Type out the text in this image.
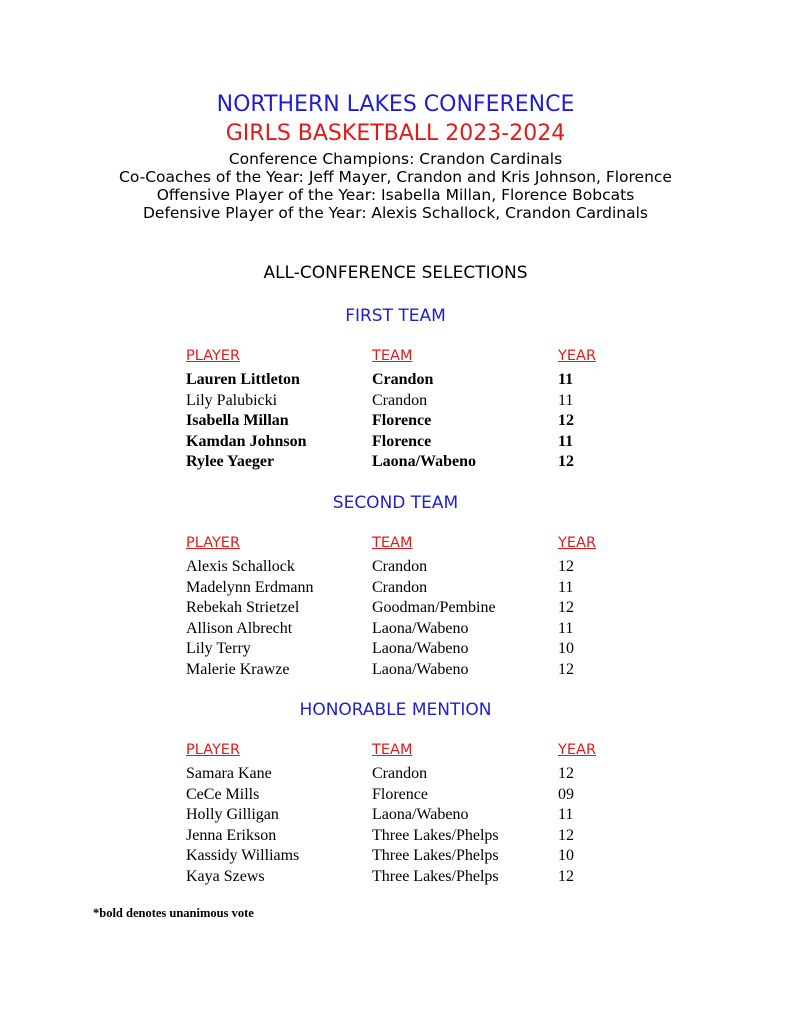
NORTHERN LAKES CONFERENCE
GIRLS BASKETBALL 2023-2024
Conference Champions: Crandon Cardinals
Co-Coaches of the Year: Jeff Mayer, Crandon and Kris Johnson, Florence
Offensive Player of the Year: Isabella Millan, Florence Bobcats
Defensive Player of the Year: Alexis Schallock, Crandon Cardinals
ALL-CONFERENCE SELECTIONS
FIRST TEAM
PLAYER	TEAM	YEAR
Lauren Littleton	Crandon	11
Lily Palubicki	Crandon	11
Isabella Millan	Florence	12
Kamdan Johnson	Florence	11
Rylee Yaeger	Laona/Wabeno	12
SECOND TEAM
PLAYER	TEAM	YEAR
Alexis Schallock	Crandon	12
Madelynn Erdmann	Crandon	11
Rebekah Strietzel	Goodman/Pembine	12
Allison Albrecht	Laona/Wabeno	11
Lily Terry	Laona/Wabeno	10
Malerie Krawze	Laona/Wabeno	12
HONORABLE MENTION
PLAYER	TEAM	YEAR
Samara Kane	Crandon	12
CeCe Mills	Florence	09
Holly Gilligan	Laona/Wabeno	11
Jenna Erikson	Three Lakes/Phelps	12
Kassidy Williams	Three Lakes/Phelps	10
Kaya Szews	Three Lakes/Phelps	12
*bold denotes unanimous vote
